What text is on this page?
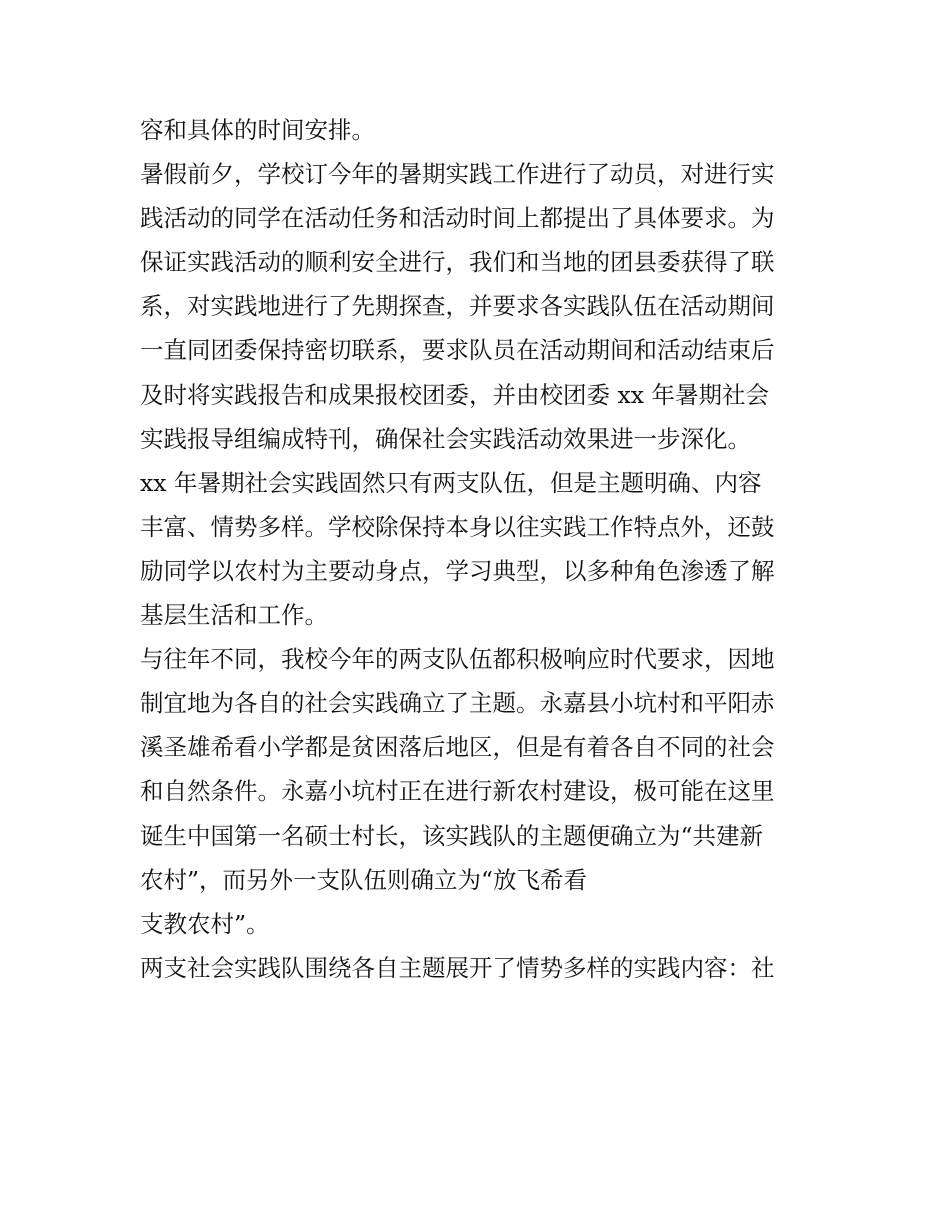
容和具体的时间安排。
暑假前夕，学校订今年的暑期实践工作进行了动员，对进行实
践活动的同学在活动任务和活动时间上都提出了具体要求。为
保证实践活动的顺利安全进行，我们和当地的团县委获得了联
系，对实践地进行了先期探查，并要求各实践队伍在活动期间
一直同团委保持密切联系，要求队员在活动期间和活动结束后
及时将实践报告和成果报校团委，并由校团委 xx 年暑期社会
实践报导组编成特刊，确保社会实践活动效果进一步深化。
xx 年暑期社会实践固然只有两支队伍，但是主题明确、内容
丰富、情势多样。学校除保持本身以往实践工作特点外，还鼓
励同学以农村为主要动身点，学习典型，以多种角色渗透了解
基层生活和工作。
与往年不同，我校今年的两支队伍都积极响应时代要求，因地
制宜地为各自的社会实践确立了主题。永嘉县小坑村和平阳赤
溪圣雄希看小学都是贫困落后地区，但是有着各自不同的社会
和自然条件。永嘉小坑村正在进行新农村建设，极可能在这里
诞生中国第一名硕士村长，该实践队的主题便确立为“共建新
农村”，而另外一支队伍则确立为“放飞希看
支教农村”。
两支社会实践队围绕各自主题展开了情势多样的实践内容：社
